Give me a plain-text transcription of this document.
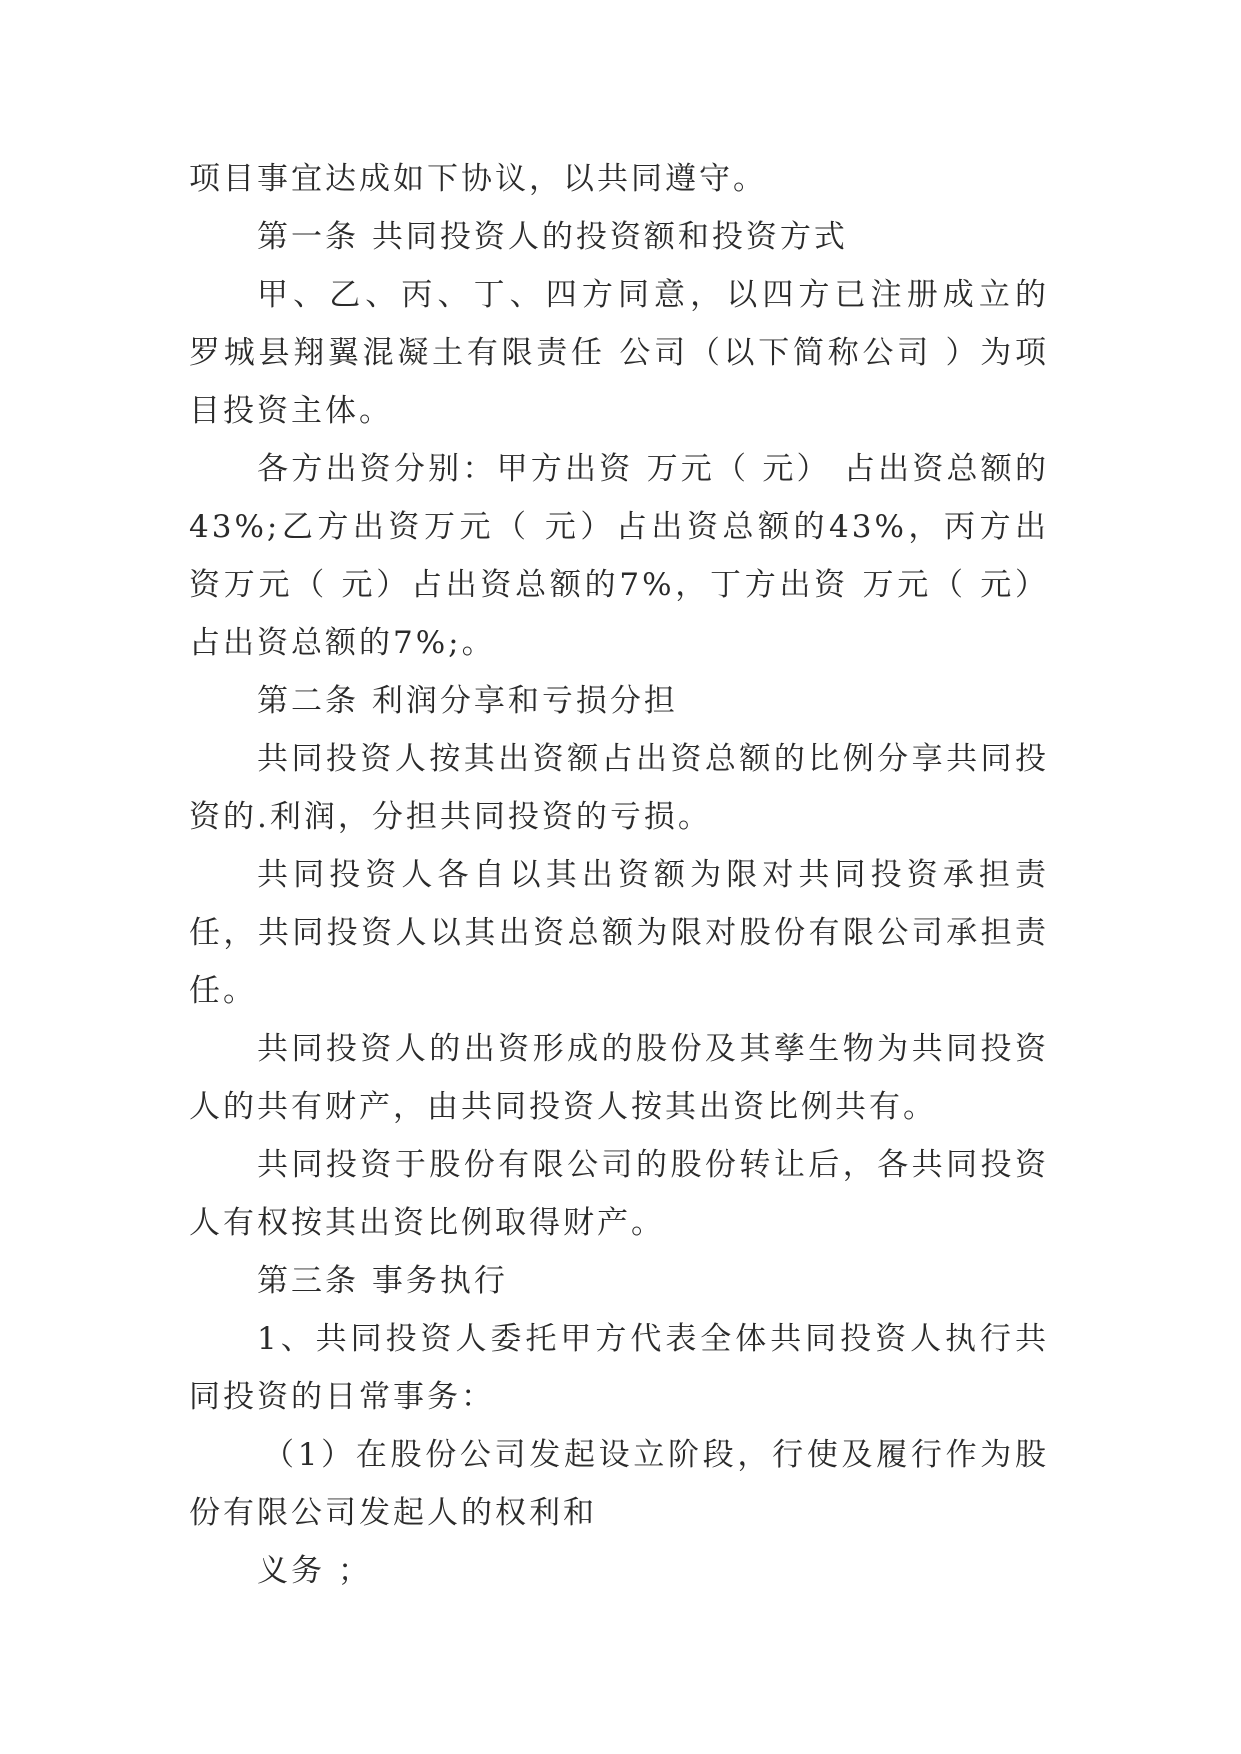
项目事宜达成如下协议，以共同遵守。

第一条 共同投资人的投资额和投资方式

甲、乙、丙、丁、四方同意，以四方已注册成立的 罗城县翔翼混凝土有限责任 公司（以下简称公司 ）为项目投资主体。

各方出资分别：甲方出资 万元（ 元） 占出资总额的43%;乙方出资万元（ 元）占出资总额的43%，丙方出资万元（ 元）占出资总额的7%，丁方出资 万元（ 元）占出资总额的7%;。

第二条 利润分享和亏损分担

共同投资人按其出资额占出资总额的比例分享共同投资的.利润，分担共同投资的亏损。

共同投资人各自以其出资额为限对共同投资承担责任，共同投资人以其出资总额为限对股份有限公司承担责任。

共同投资人的出资形成的股份及其孳生物为共同投资人的共有财产，由共同投资人按其出资比例共有。

共同投资于股份有限公司的股份转让后，各共同投资人有权按其出资比例取得财产。

第三条 事务执行

1、共同投资人委托甲方代表全体共同投资人执行共同投资的日常事务：

（1）在股份公司发起设立阶段，行使及履行作为股份有限公司发起人的权利和

义务 ；
